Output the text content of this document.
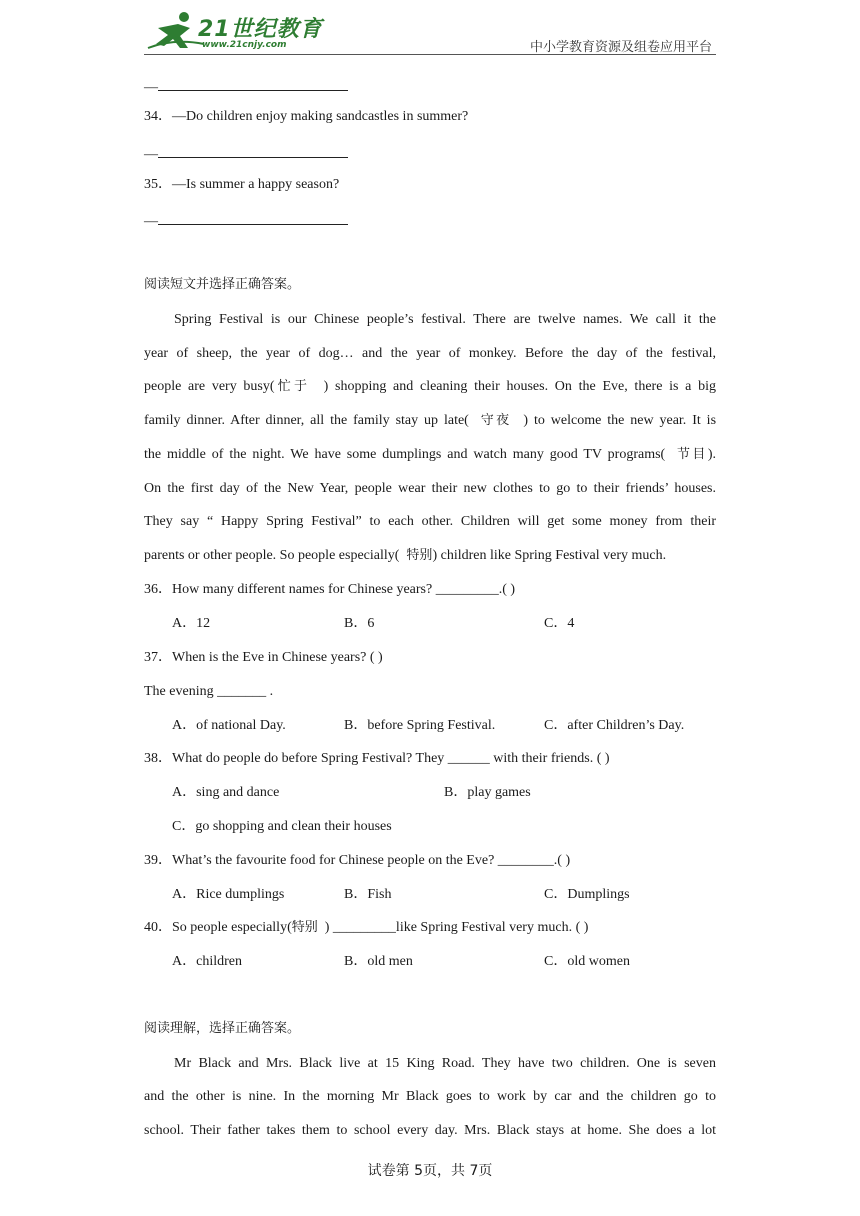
21世纪教育
www.21cnjy.com	中小学教育资源及组卷应用平台
—
34．—Do children enjoy making sandcastles in summer?
—
35．—Is summer a happy season?
—
阅读短文并选择正确答案。
Spring Festival is our Chinese people’s festival. There are twelve names. We call it the
year of sheep, the year of dog… and the year of monkey. Before the day of the festival,
people are very busy(忙于 ) shopping and cleaning their houses. On the Eve, there is a big
family dinner. After dinner, all the family stay up late( 守夜 ) to welcome the new year. It is
the middle of the night. We have some dumplings and watch many good TV programs( 节目).
On the first day of the New Year, people wear their new clothes to go to their friends’ houses.
They say “ Happy Spring Festival” to each other. Children will get some money from their
parents or other people. So people especially( 特别) children like Spring Festival very much.
36．How many different names for Chinese years? _________.( )
A．12	B．6	C．4
37．When is the Eve in Chinese years? ( )
The evening _______ .
A．of national Day.	B．before Spring Festival.	C．after Children’s Day.
38．What do people do before Spring Festival? They ______ with their friends. ( )
A．sing and dance	B．play games
C．go shopping and clean their houses
39．What’s the favourite food for Chinese people on the Eve? ________.( )
A．Rice dumplings	B．Fish	C．Dumplings
40．So people especially(特别 ) _________like Spring Festival very much. ( )
A．children	B．old men	C．old women
阅读理解，选择正确答案。
Mr Black and Mrs. Black live at 15 King Road. They have two children. One is seven
and the other is nine. In the morning Mr Black goes to work by car and the children go to
school. Their father takes them to school every day. Mrs. Black stays at home. She does a lot
试卷第 5页，共 7页
